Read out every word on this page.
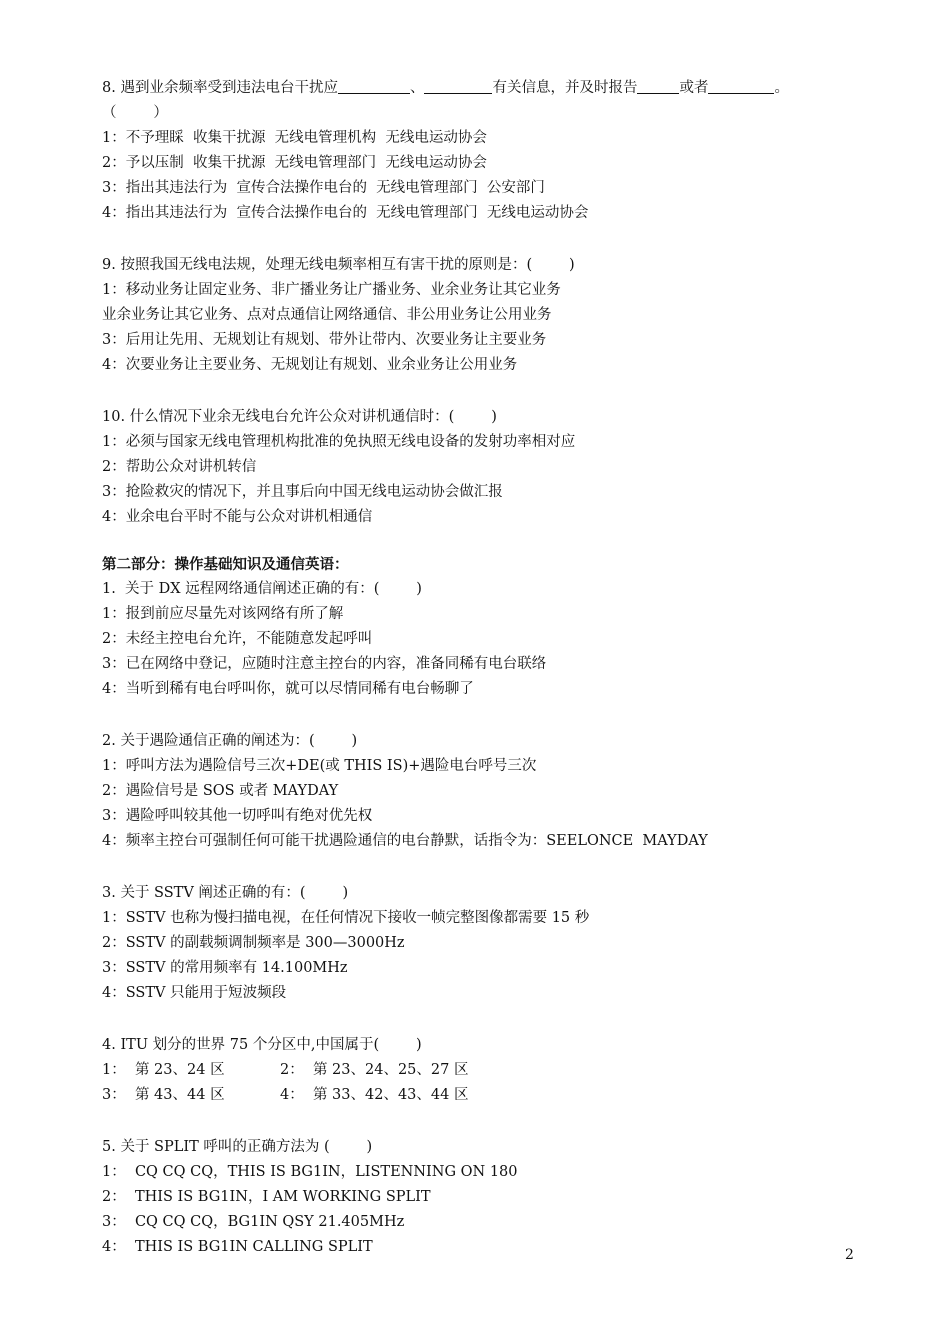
8. 遇到业余频率受到违法电台干扰应	、	有关信息，并及时报告	或者	。
（        ）
1：不予理睬  收集干扰源  无线电管理机构  无线电运动协会
2：予以压制  收集干扰源  无线电管理部门  无线电运动协会
3：指出其违法行为  宣传合法操作电台的  无线电管理部门  公安部门
4：指出其违法行为  宣传合法操作电台的  无线电管理部门  无线电运动协会
9. 按照我国无线电法规，处理无线电频率相互有害干扰的原则是：(        )
1：移动业务让固定业务、非广播业务让广播业务、业余业务让其它业务
业余业务让其它业务、点对点通信让网络通信、非公用业务让公用业务
3：后用让先用、无规划让有规划、带外让带内、次要业务让主要业务
4：次要业务让主要业务、无规划让有规划、业余业务让公用业务
10. 什么情况下业余无线电台允许公众对讲机通信时：(        )
1：必须与国家无线电管理机构批准的免执照无线电设备的发射功率相对应
2：帮助公众对讲机转信
3：抢险救灾的情况下，并且事后向中国无线电运动协会做汇报
4：业余电台平时不能与公众对讲机相通信
第二部分：操作基础知识及通信英语：
1.  关于 DX 远程网络通信阐述正确的有：(        )
1：报到前应尽量先对该网络有所了解
2：未经主控电台允许，不能随意发起呼叫
3：已在网络中登记，应随时注意主控台的内容，准备同稀有电台联络
4：当听到稀有电台呼叫你，就可以尽情同稀有电台畅聊了
2. 关于遇险通信正确的阐述为：(        )
1：呼叫方法为遇险信号三次+DE(或 THIS IS)+遇险电台呼号三次
2：遇险信号是 SOS 或者 MAYDAY
3：遇险呼叫较其他一切呼叫有绝对优先权
4：频率主控台可强制任何可能干扰遇险通信的电台静默，话指令为：SEELONCE  MAYDAY
3. 关于 SSTV 阐述正确的有：(        )
1：SSTV 也称为慢扫描电视，在任何情况下接收一帧完整图像都需要 15 秒
2：SSTV 的副载频调制频率是 300—3000Hz
3：SSTV 的常用频率有 14.100MHz
4：SSTV 只能用于短波频段
4. ITU 划分的世界 75 个分区中,中国属于(        )
1：  第 23、24 区	2：  第 23、24、25、27 区
3：  第 43、44 区	4：  第 33、42、43、44 区
5. 关于 SPLIT 呼叫的正确方法为 (        )
1：  CQ CQ CQ，THIS IS BG1IN，LISTENNING ON 180
2：  THIS IS BG1IN，I AM WORKING SPLIT
3：  CQ CQ CQ，BG1IN QSY 21.405MHz
4：  THIS IS BG1IN CALLING SPLIT	2
